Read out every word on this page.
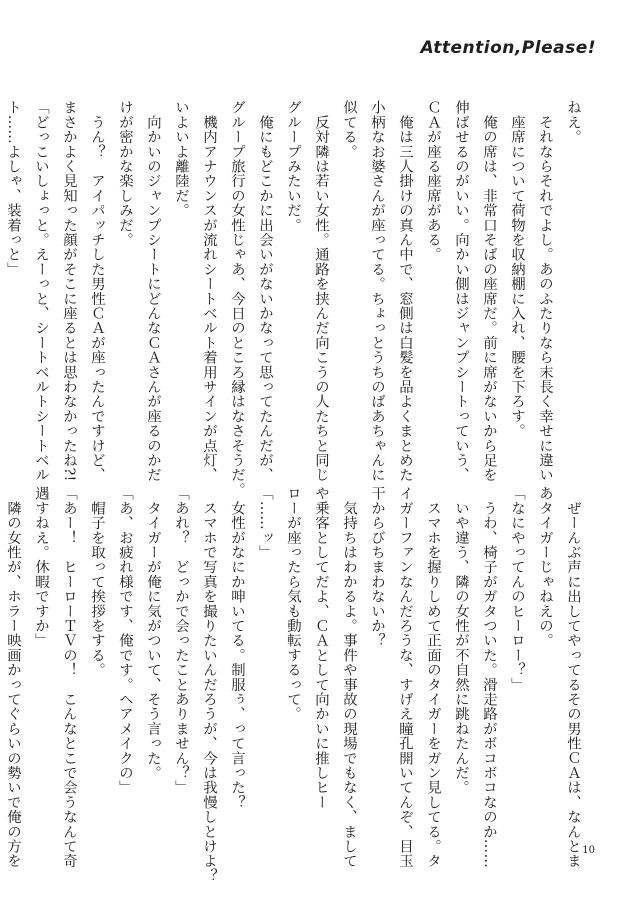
Attention,Please!
ねえ。
　それならそれでよし。あのふたりなら末長く幸せに違い
　座席について荷物を収納棚に入れ、腰を下ろす。
　俺の席は、非常口そばの座席だ。前に席がないから足を
伸ばせるのがいい。向かい側はジャンプシートっていう、
ＣＡが座る座席がある。
　俺は三人掛けの真ん中で、窓側は白髪を品よくまとめた
小柄なお婆さんが座ってる。ちょっとうちのばあちゃんに
似てる。
　反対隣は若い女性。通路を挟んだ向こうの人たちと同じ
グループみたいだ。
　俺にもどこかに出会いがないかなって思ってたんだが、
グループ旅行の女性じゃあ、今日のところ縁はなさそうだ。
　機内アナウンスが流れシートベルト着用サインが点灯、
いよいよ離陸だ。
　向かいのジャンプシートにどんなＣＡさんが座るのかだ
けが密かな楽しみだ。
　うん？　アイパッチした男性ＣＡが座ったんですけど、
まさかよく見知った顔がそこに座るとは思わなかったね?!
「どっこいしょっと。えーっと、シートベルトシートベル
ト……よしゃ、装着っと」
　ぜーんぶ声に出してやってるその男性ＣＡは、なんとま
あタイガーじゃねえの。
「なにやってんのヒーロー？」
　うわ、椅子がガタついた。滑走路がボコボコなのか……
　いや違う、隣の女性が不自然に跳ねたんだ。
　スマホを握りしめて正面のタイガーをガン見してる。タ
イガーファンなんだろうな、すげえ瞳孔開いてんぞ、目玉
干からびちまわないか？
　気持ちはわかるよ。事件や事故の現場でもなく、まして
や乗客としてだよ、ＣＡとして向かいに推しヒー
ローが座ったら気も動転するって。
「……ッ」
　女性がなにか呻いてる。制服ぅ、って言った？
　スマホで写真を撮りたいんだろうが、今は我慢しとけよ？
「あれ？　どっかで会ったことありません？」
　タイガーが俺に気がついて、そう言った。
「あ、お疲れ様です、俺です。ヘアメイクの」
　帽子を取って挨拶をする。
「あー！　ヒーローＴＶの！　こんなとこで会うなんて奇
遇すねえ。休暇ですか」
　隣の女性が、ホラー映画かってぐらいの勢いで俺の方を	10
